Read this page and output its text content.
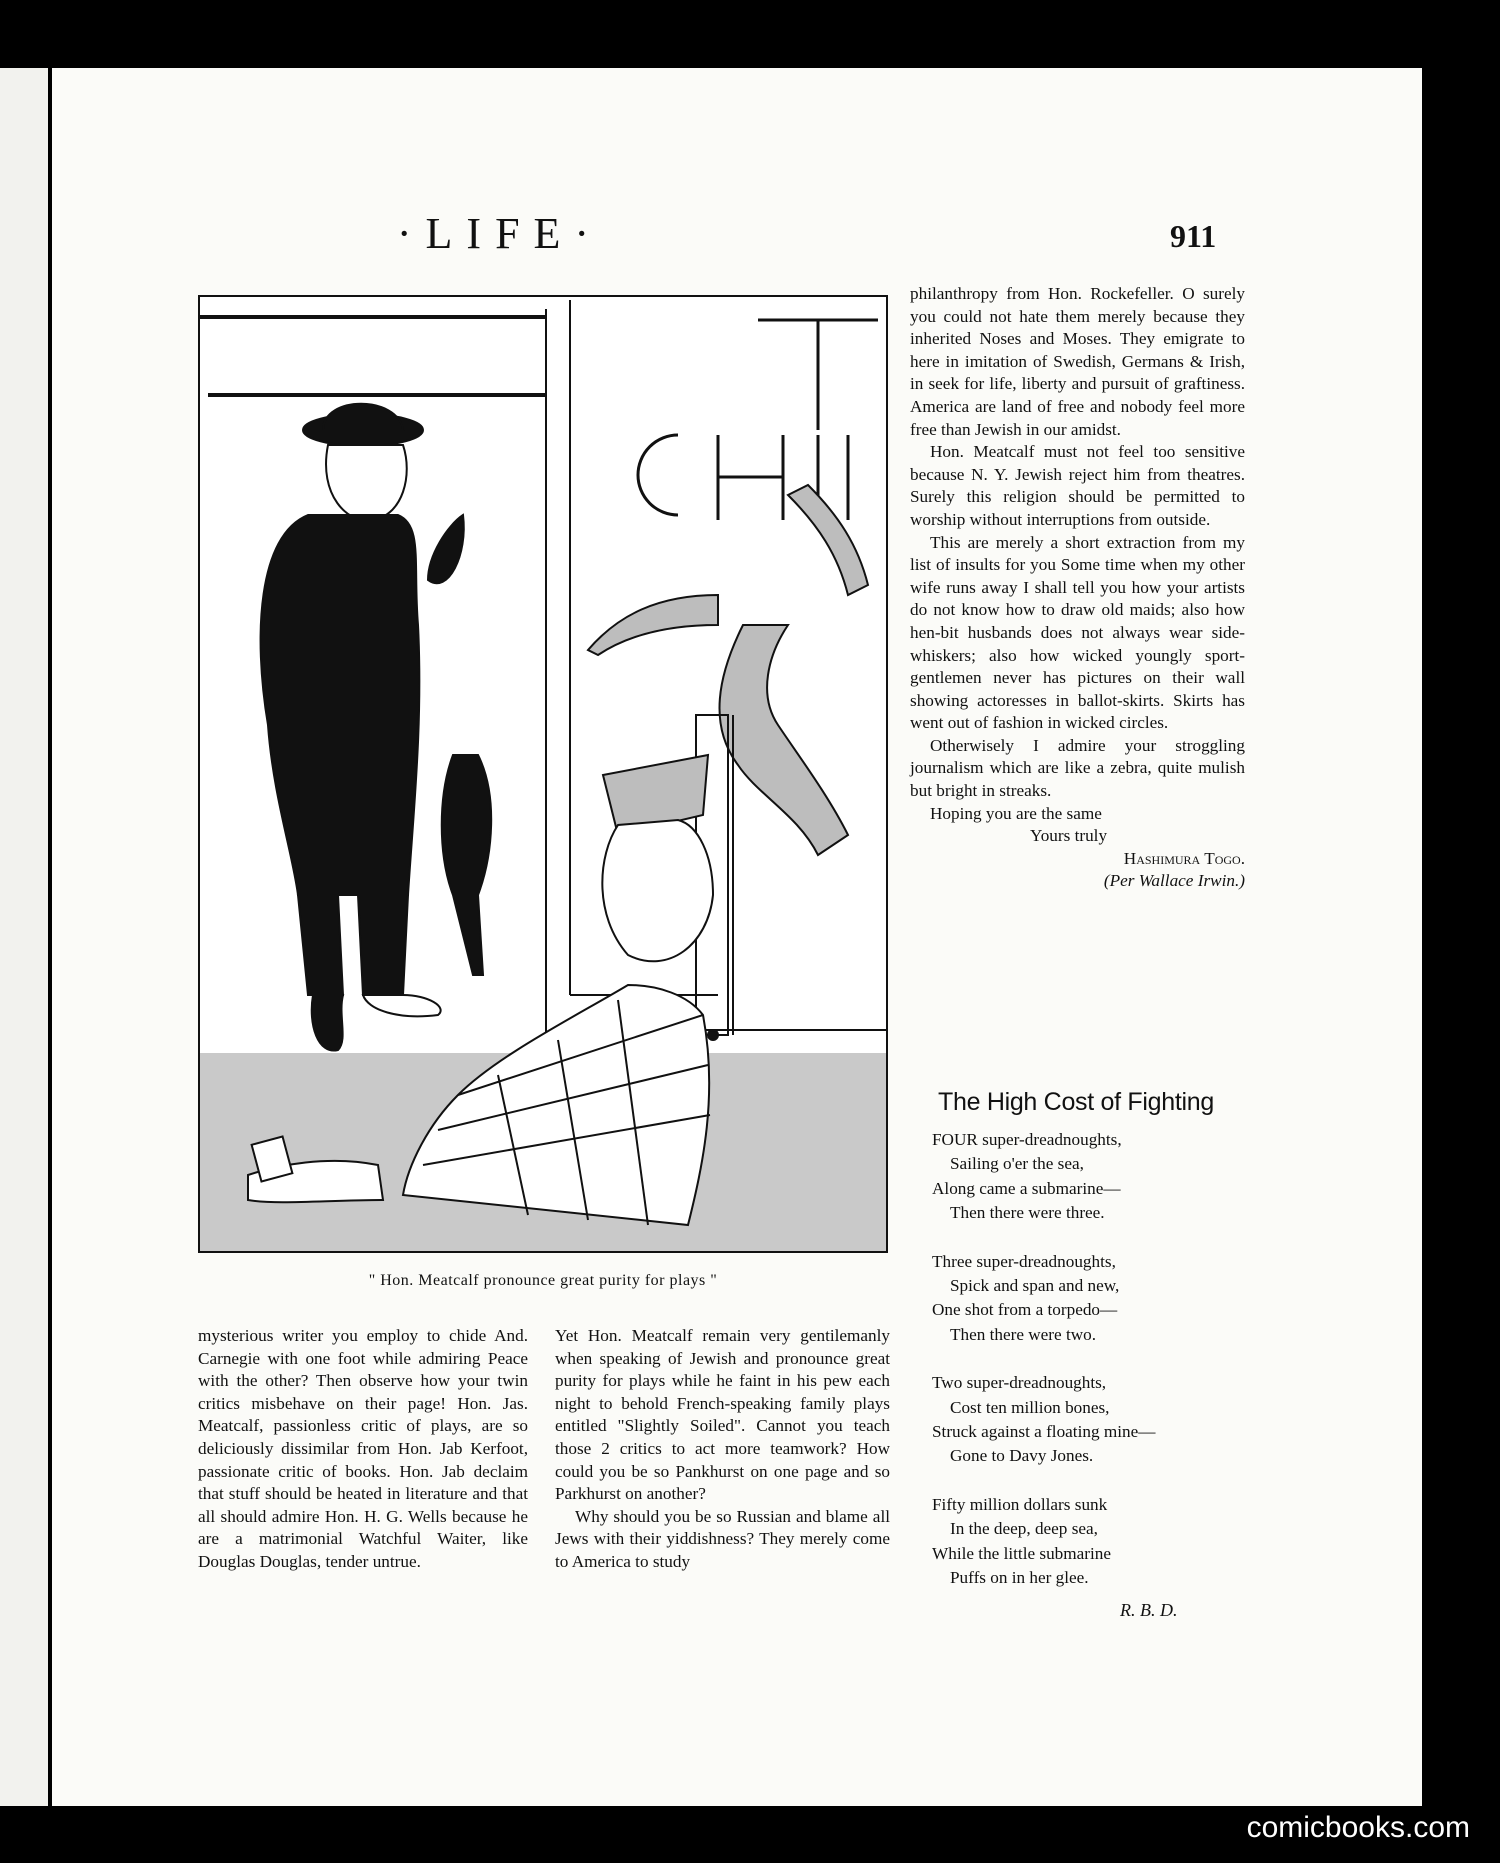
·LIFE·	911
" Hon. Meatcalf pronounce great purity for plays "

mysterious writer you employ to chide And. Carnegie with one foot while admiring Peace with the other? Then observe how your twin critics misbehave on their page! Hon. Jas. Meatcalf, passionless critic of plays, are so deliciously dissimilar from Hon. Jab Kerfoot, passionate critic of books. Hon. Jab declaim that stuff should be heated in literature and that all should admire Hon. H. G. Wells because he are a matrimonial Watchful Waiter, like Douglas Douglas, tender untrue.

Yet Hon. Meatcalf remain very gentilemanly when speaking of Jewish and pronounce great purity for plays while he faint in his pew each night to behold French-speaking family plays entitled "Slightly Soiled". Cannot you teach those 2 critics to act more teamwork? How could you be so Pankhurst on one page and so Parkhurst on another?

Why should you be so Russian and blame all Jews with their yiddishness? They merely come to America to study

philanthropy from Hon. Rockefeller. O surely you could not hate them merely because they inherited Noses and Moses. They emigrate to here in imitation of Swedish, Germans & Irish, in seek for life, liberty and pursuit of graftiness. America are land of free and nobody feel more free than Jewish in our amidst.

Hon. Meatcalf must not feel too sensitive because N. Y. Jewish reject him from theatres. Surely this religion should be permitted to worship without interruptions from outside.

This are merely a short extraction from my list of insults for you Some time when my other wife runs away I shall tell you how your artists do not know how to draw old maids; also how hen-bit husbands does not always wear side-whiskers; also how wicked youngly sport-gentlemen never has pictures on their wall showing actoresses in ballot-skirts. Skirts has went out of fashion in wicked circles.

Otherwisely I admire your stroggling journalism which are like a zebra, quite mulish but bright in streaks.

Hoping you are the same

Yours truly

Hashimura Togo.

(Per Wallace Irwin.)

The High Cost of Fighting
FOUR super-dreadnoughts,
Sailing o'er the sea,
Along came a submarine—
Then there were three.
Three super-dreadnoughts,
Spick and span and new,
One shot from a torpedo—
Then there were two.
Two super-dreadnoughts,
Cost ten million bones,
Struck against a floating mine—
Gone to Davy Jones.
Fifty million dollars sunk
In the deep, deep sea,
While the little submarine
Puffs on in her glee.
R. B. D.
comicbooks.com
